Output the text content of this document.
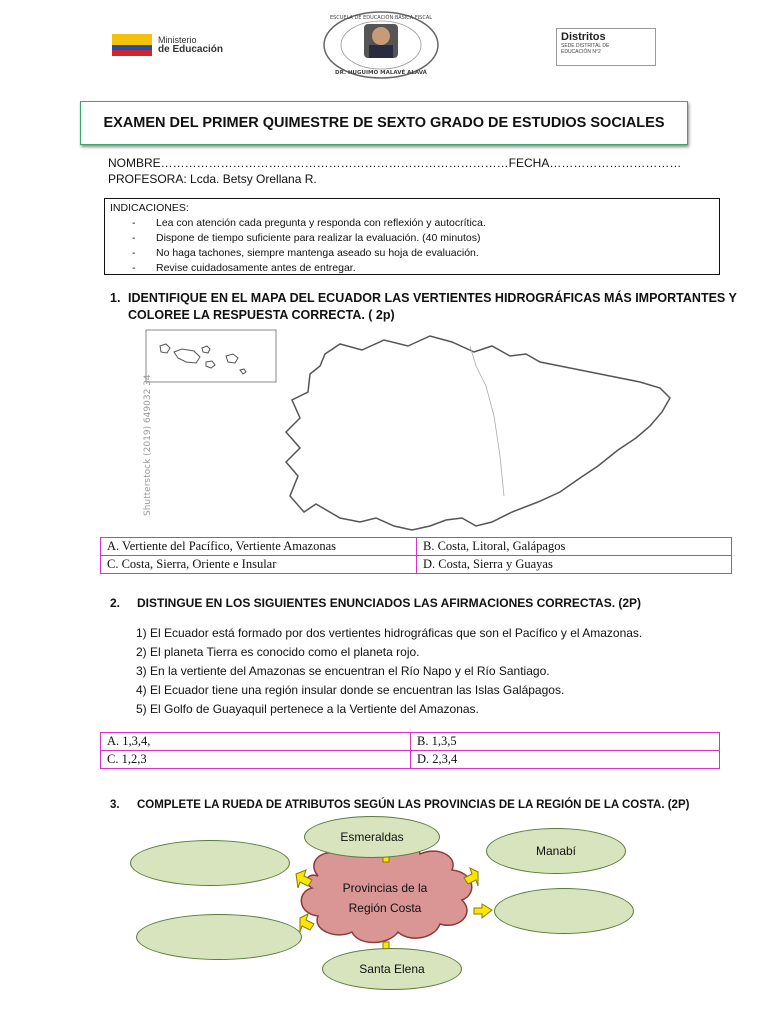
Ministerio
de Educación
ESCUELA DE EDUCACIÓN BÁSICA FISCAL
DR. HUGUIMO MALAVÉ ALAVÁ
Distritos
SEDE DISTRITAL DE
EDUCACIÓN N°2
EXAMEN DEL PRIMER QUIMESTRE DE SEXTO GRADO DE ESTUDIOS SOCIALES
NOMBRE……………………………………………………………………………FECHA……………………………
PROFESORA: Lcda. Betsy Orellana R.
INDICACIONES:
- Lea con atención cada pregunta y responda con reflexión y autocrítica.
- Dispone de tiempo suficiente para realizar la evaluación. (40 minutos)
- No haga tachones, siempre mantenga aseado su hoja de evaluación.
- Revise cuidadosamente antes de entregar.
1. IDENTIFIQUE EN EL MAPA DEL ECUADOR LAS VERTIENTES HIDROGRÁFICAS MÁS IMPORTANTES Y
COLOREE LA RESPUESTA CORRECTA. ( 2p)
Shutterstock (2019) 649032 34
A. Vertiente del Pacífico, Vertiente Amazonas	B. Costa, Litoral, Galápagos
C. Costa, Sierra, Oriente e Insular	D. Costa, Sierra y Guayas
2. DISTINGUE EN LOS SIGUIENTES ENUNCIADOS LAS AFIRMACIONES CORRECTAS. (2P)
1) El Ecuador está formado por dos vertientes hidrográficas que son el Pacífico y el Amazonas.
2) El planeta Tierra es conocido como el planeta rojo.
3) En la vertiente del Amazonas se encuentran el Río Napo y el Río Santiago.
4) El Ecuador tiene una región insular donde se encuentran las Islas Galápagos.
5) El Golfo de Guayaquil pertenece a la Vertiente del Amazonas.
A. 1,3,4,	B. 1,3,5
C. 1,2,3	D. 2,3,4
3. COMPLETE LA RUEDA DE ATRIBUTOS SEGÚN LAS PROVINCIAS DE LA REGIÓN DE LA COSTA. (2P)
Provincias de la
Región Costa
Esmeraldas
Manabí
Santa Elena
